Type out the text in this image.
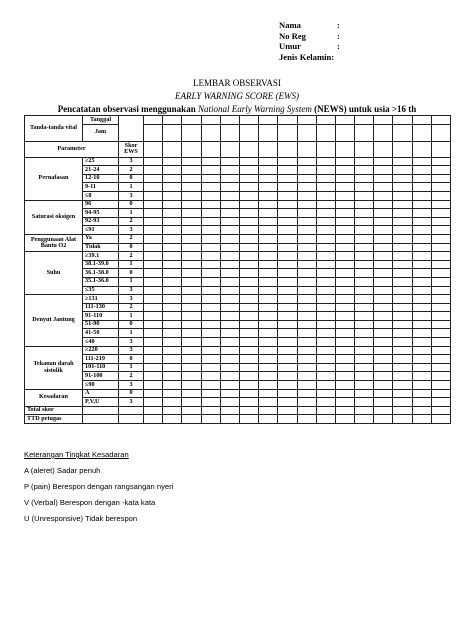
Nama	:
No Reg	:
Umur	:
Jenis Kelamin :
LEMBAR OBSERVASI
EARLY WARNING SCORE (EWS)
Pencatatan observasi menggunakan National Early Warning System (NEWS) untuk usia >16 th
Tanda-tanda vital	Tanggal																	
	Jam																	
Parameter		Skor EWS																
Pernafasan	≥25	3																
	21-24	2																
	12-10	0																
	9-11	1																
	≤8	3																
Saturasi oksigen	96	0																
	94-95	1																
	92-93	2																
	≤91	3																
Penggunaan Alat Bantu O2	Ya	2																
	Tidak	0																
Suhu	≥39.1	2																
	38.1-39.0	1																
	36.1-38.0	0																
	35.1-36.0	1																
	≤35	3																
Denyut Jantung	≥131	3																
	111-130	2																
	91-110	1																
	51-90	0																
	41-50	1																
	≤40	3																
Tekanan darah sistolik	≥220	3																
	111-219	0																
	101-110	1																
	91-100	2																
	≤90	3																
Kesadaran	A	0																
	P,V,U	3																
Total skor																		
TTD petugas																		
Keterangan Tingkat Kesadaran
A (aleret) Sadar penuh
P (pain) Berespon dengan rangsangan nyeri
V (Verbal) Berespon dengan -kata kata
U (Unresponsive) Tidak berespon
